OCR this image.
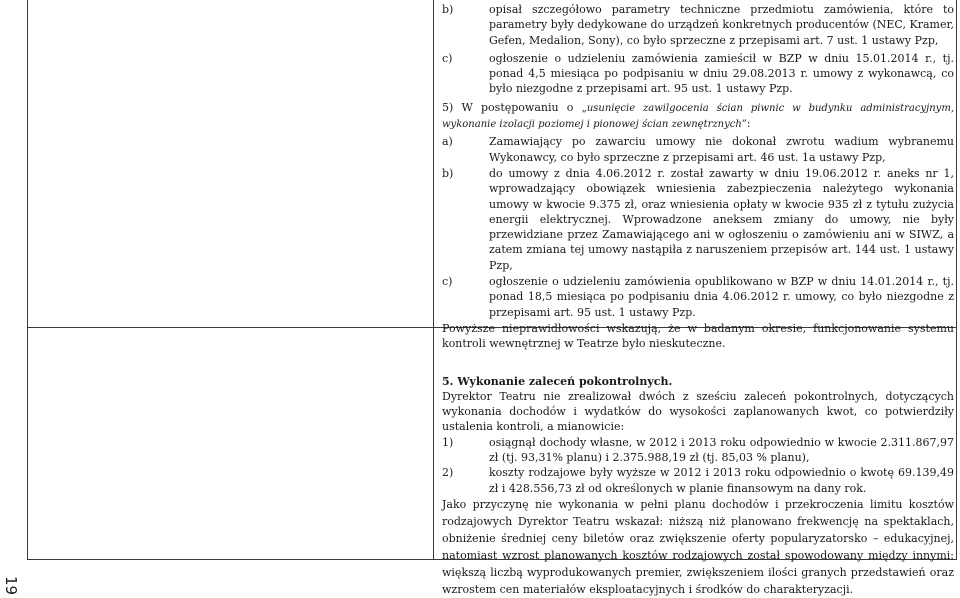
b)	opisał szczegółowo parametry techniczne przedmiotu zamówienia, które to parametry były dedykowane do urządzeń konkretnych producentów (NEC, Kramer, Gefen, Medalion, Sony), co było sprzeczne z przepisami art. 7 ust. 1 ustawy Pzp,
c)	ogłoszenie o udzieleniu zamówienia zamieścił w BZP w dniu 15.01.2014 r., tj. ponad 4,5 miesiąca po podpisaniu w dniu 29.08.2013 r. umowy z wykonawcą, co było niezgodne z przepisami art. 95 ust. 1 ustawy Pzp.

5) W postępowaniu o „usunięcie zawilgocenia ścian piwnic w budynku administracyjnym, wykonanie izolacji poziomej i pionowej ścian zewnętrznych”:

a)	Zamawiający po zawarciu umowy nie dokonał zwrotu wadium wybranemu Wykonawcy, co było sprzeczne z przepisami art. 46 ust. 1a ustawy Pzp,
b)	do umowy z dnia 4.06.2012 r. został zawarty w dniu 19.06.2012 r. aneks nr 1, wprowadzający obowiązek wniesienia zabezpieczenia należytego wykonania umowy w kwocie 9.375 zł, oraz wniesienia opłaty w kwocie 935 zł z tytułu zużycia energii elektrycznej. Wprowadzone aneksem zmiany do umowy, nie były przewidziane przez Zamawiającego ani w ogłoszeniu o zamówieniu ani w SIWZ, a zatem zmiana tej umowy nastąpiła z naruszeniem przepisów art. 144 ust. 1 ustawy Pzp,
c)	ogłoszenie o udzieleniu zamówienia opublikowano w BZP w dniu 14.01.2014 r., tj. ponad 18,5 miesiąca po podpisaniu dnia 4.06.2012 r. umowy, co było niezgodne z przepisami art. 95 ust. 1 ustawy Pzp.

Powyższe nieprawidłowości wskazują, że w badanym okresie, funkcjonowanie systemu kontroli wewnętrznej w Teatrze było nieskuteczne.

5. Wykonanie zaleceń pokontrolnych.

Dyrektor Teatru nie zrealizował dwóch z sześciu zaleceń pokontrolnych, dotyczących wykonania dochodów i wydatków do wysokości zaplanowanych kwot, co potwierdziły ustalenia kontroli, a mianowicie:

1)	osiągnął dochody własne, w 2012 i 2013 roku odpowiednio w kwocie 2.311.867,97 zł (tj. 93,31% planu) i 2.375.988,19 zł (tj. 85,03 % planu),
2)	koszty rodzajowe były wyższe w 2012 i 2013 roku odpowiednio o kwotę 69.139,49 zł i 428.556,73 zł od określonych w planie finansowym na dany rok.

Jako przyczynę nie wykonania w pełni planu dochodów i przekroczenia limitu kosztów rodzajowych Dyrektor Teatru wskazał: niższą niż planowano frekwencję na spektaklach, obniżenie średniej ceny biletów oraz zwiększenie oferty popularyzatorsko – edukacyjnej, natomiast wzrost planowanych kosztów rodzajowych został spowodowany między innymi: większą liczbą wyprodukowanych premier, zwiększeniem ilości granych przedstawień oraz wzrostem cen materiałów eksploatacyjnych i środków do charakteryzacji.

19
